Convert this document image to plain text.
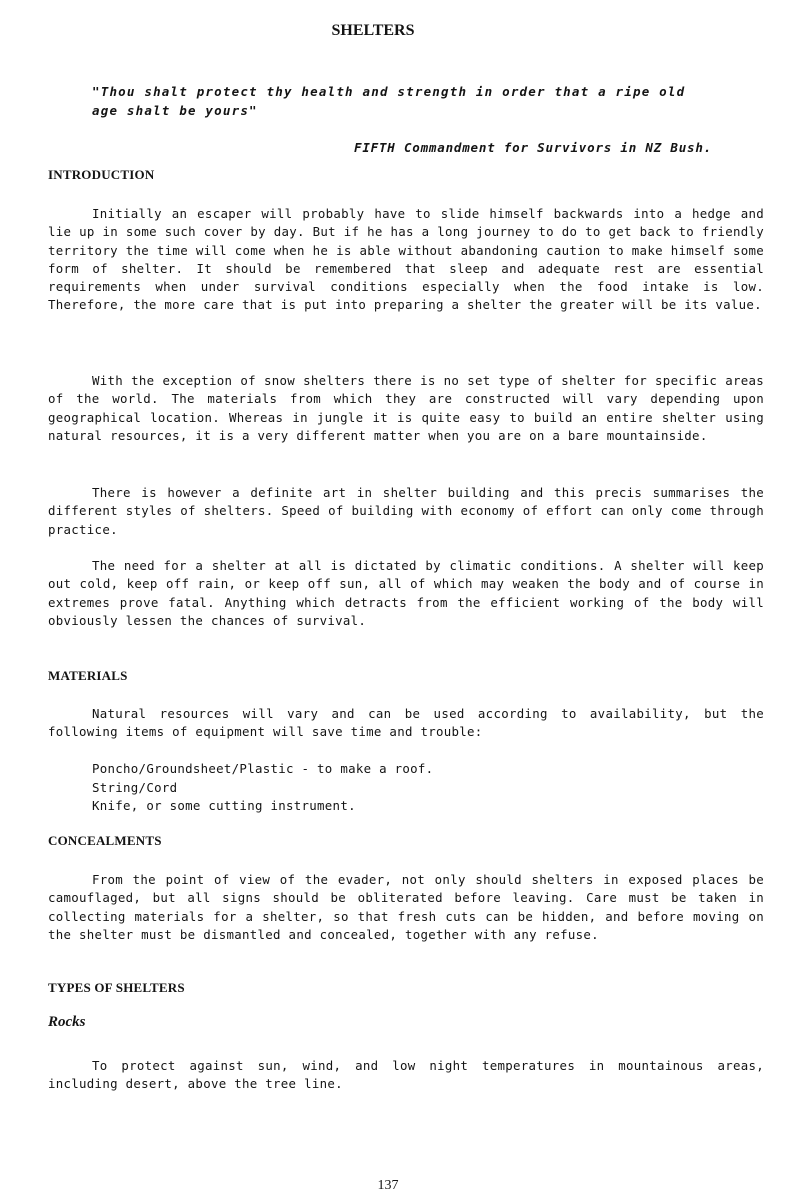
SHELTERS
"Thou shalt protect thy health and strength in order that a ripe old age shalt be yours"
FIFTH Commandment for Survivors in NZ Bush.
INTRODUCTION

Initially an escaper will probably have to slide himself backwards into a hedge and lie up in some such cover by day. But if he has a long journey to do to get back to friendly territory the time will come when he is able without abandoning caution to make himself some form of shelter. It should be remembered that sleep and adequate rest are essential requirements when under survival conditions especially when the food intake is low. Therefore, the more care that is put into preparing a shelter the greater will be its value.

With the exception of snow shelters there is no set type of shelter for specific areas of the world. The materials from which they are constructed will vary depending upon geographical location. Whereas in jungle it is quite easy to build an entire shelter using natural resources, it is a very different matter when you are on a bare mountainside.

There is however a definite art in shelter building and this precis summarises the different styles of shelters. Speed of building with economy of effort can only come through practice.

The need for a shelter at all is dictated by climatic conditions. A shelter will keep out cold, keep off rain, or keep off sun, all of which may weaken the body and of course in extremes prove fatal. Anything which detracts from the efficient working of the body will obviously lessen the chances of survival.

MATERIALS

Natural resources will vary and can be used according to availability, but the following items of equipment will save time and trouble:

Poncho/Groundsheet/Plastic - to make a roof.
String/Cord
Knife, or some cutting instrument.
CONCEALMENTS

From the point of view of the evader, not only should shelters in exposed places be camouflaged, but all signs should be obliterated before leaving. Care must be taken in collecting materials for a shelter, so that fresh cuts can be hidden, and before moving on the shelter must be dismantled and concealed, together with any refuse.

TYPES OF SHELTERS
Rocks

To protect against sun, wind, and low night temperatures in mountainous areas, including desert, above the tree line.

137
